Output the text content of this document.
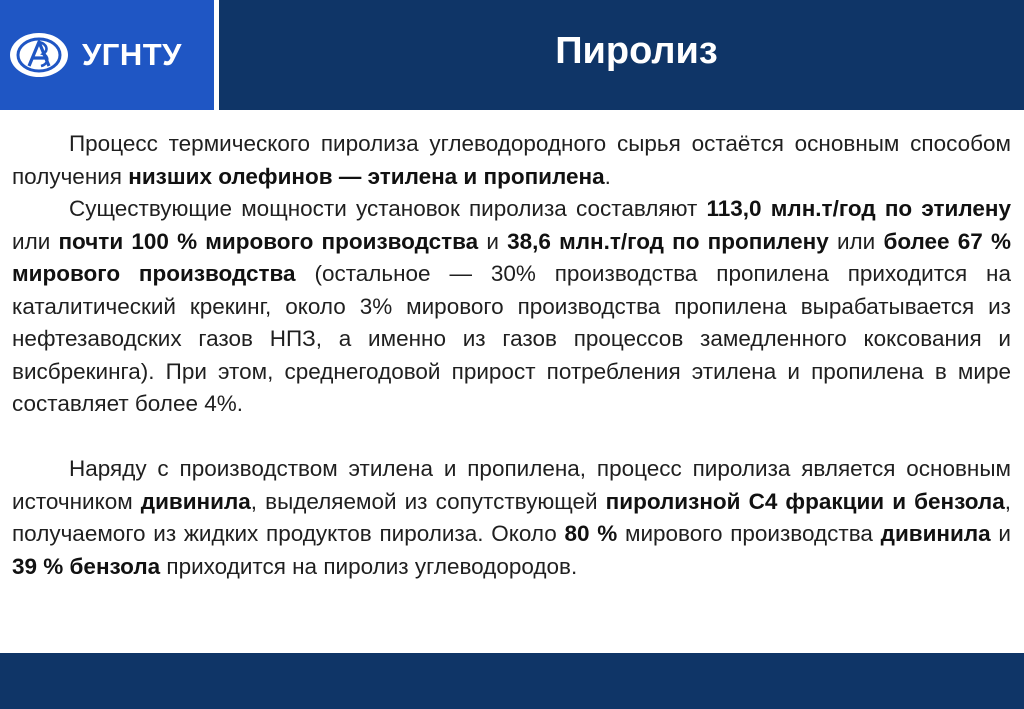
УГНТУ	Пиролиз

Процесс термического пиролиза углеводородного сырья остаётся основным способом получения низших олефинов — этилена и пропилена.

Существующие мощности установок пиролиза составляют 113,0 млн.т/год по этилену или почти 100 % мирового производства и 38,6 млн.т/год по пропилену или более 67 % мирового производства (остальное — 30% производства пропилена приходится на каталитический крекинг, около 3% мирового производства пропилена вырабатывается из нефтезаводских газов НПЗ, а именно из газов процессов замедленного коксования и висбрекинга). При этом, среднегодовой прирост потребления этилена и пропилена в мире составляет более 4%.

Наряду с производством этилена и пропилена, процесс пиролиза является основным источником дивинила, выделяемой из сопутствующей пиролизной С4 фракции и бензола, получаемого из жидких продуктов пиролиза. Около 80 % мирового производства дивинила и 39 % бензола приходится на пиролиз углеводородов.
